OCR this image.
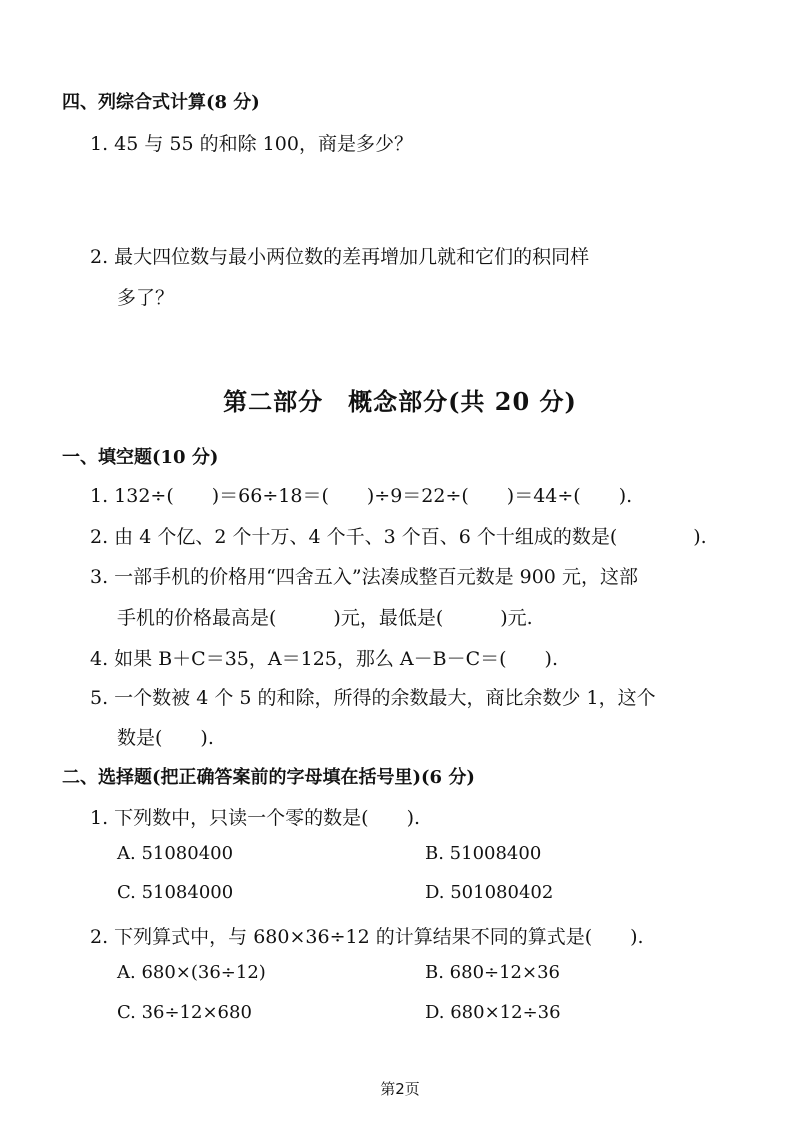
四、列综合式计算(8 分)
1. 45 与 55 的和除 100，商是多少？
2. 最大四位数与最小两位数的差再增加几就和它们的积同样
多了？
第二部分　概念部分(共 20 分)
一、填空题(10 分)
1. 132÷(　　)＝66÷18＝(　　)÷9＝22÷(　　)＝44÷(　　).
2. 由 4 个亿、2 个十万、4 个千、3 个百、6 个十组成的数是(　　　　).
3. 一部手机的价格用“四舍五入”法凑成整百元数是 900 元，这部
手机的价格最高是(　　　)元，最低是(　　　)元.
4. 如果 B＋C＝35，A＝125，那么 A－B－C＝(　　).
5. 一个数被 4 个 5 的和除，所得的余数最大，商比余数少 1，这个
数是(　　).
二、选择题(把正确答案前的字母填在括号里)(6 分)
1. 下列数中，只读一个零的数是(　　).
A. 51080400	B. 51008400
C. 51084000	D. 501080402
2. 下列算式中，与 680×36÷12 的计算结果不同的算式是(　　).
A. 680×(36÷12)	B. 680÷12×36
C. 36÷12×680	D. 680×12÷36
第2页
